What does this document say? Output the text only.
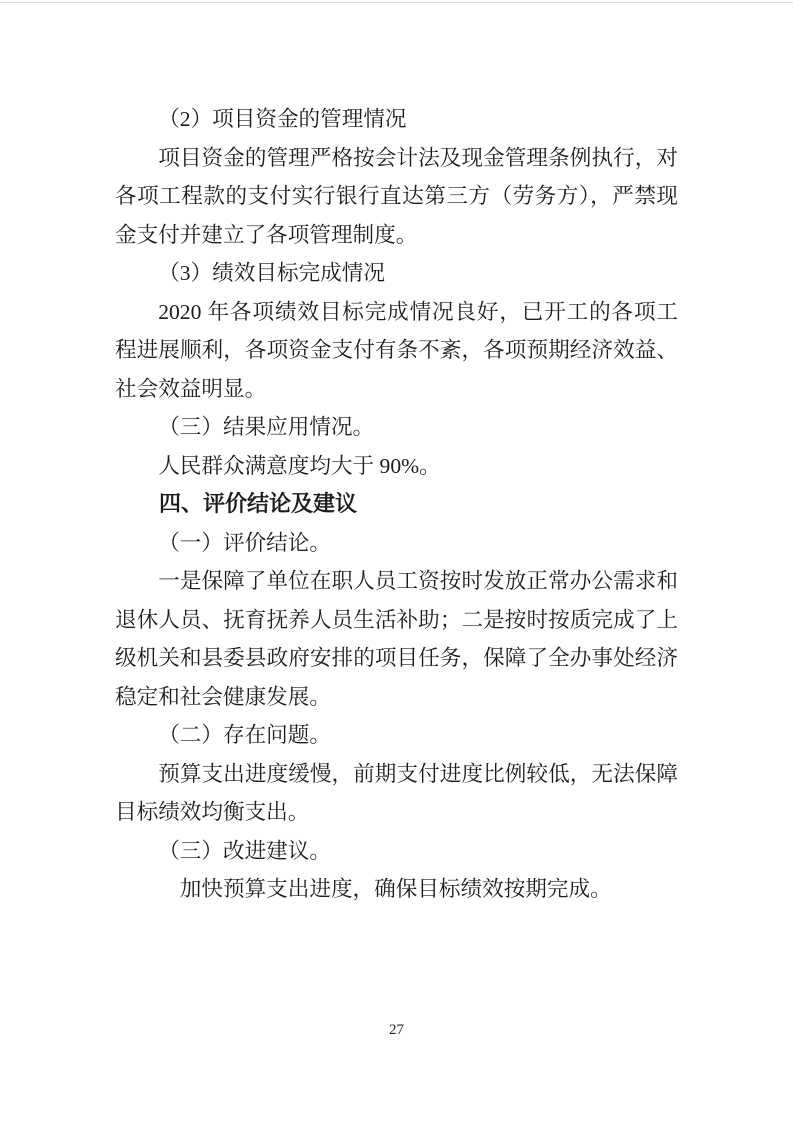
（2）项目资金的管理情况

项目资金的管理严格按会计法及现金管理条例执行，对各项工程款的支付实行银行直达第三方（劳务方），严禁现金支付并建立了各项管理制度。

（3）绩效目标完成情况

2020 年各项绩效目标完成情况良好，已开工的各项工程进展顺利，各项资金支付有条不紊，各项预期经济效益、社会效益明显。

（三）结果应用情况。

人民群众满意度均大于 90%。

四、评价结论及建议

（一）评价结论。

一是保障了单位在职人员工资按时发放正常办公需求和退休人员、抚育抚养人员生活补助；二是按时按质完成了上级机关和县委县政府安排的项目任务，保障了全办事处经济稳定和社会健康发展。

（二）存在问题。

预算支出进度缓慢，前期支付进度比例较低，无法保障目标绩效均衡支出。

（三）改进建议。

加快预算支出进度，确保目标绩效按期完成。

27
